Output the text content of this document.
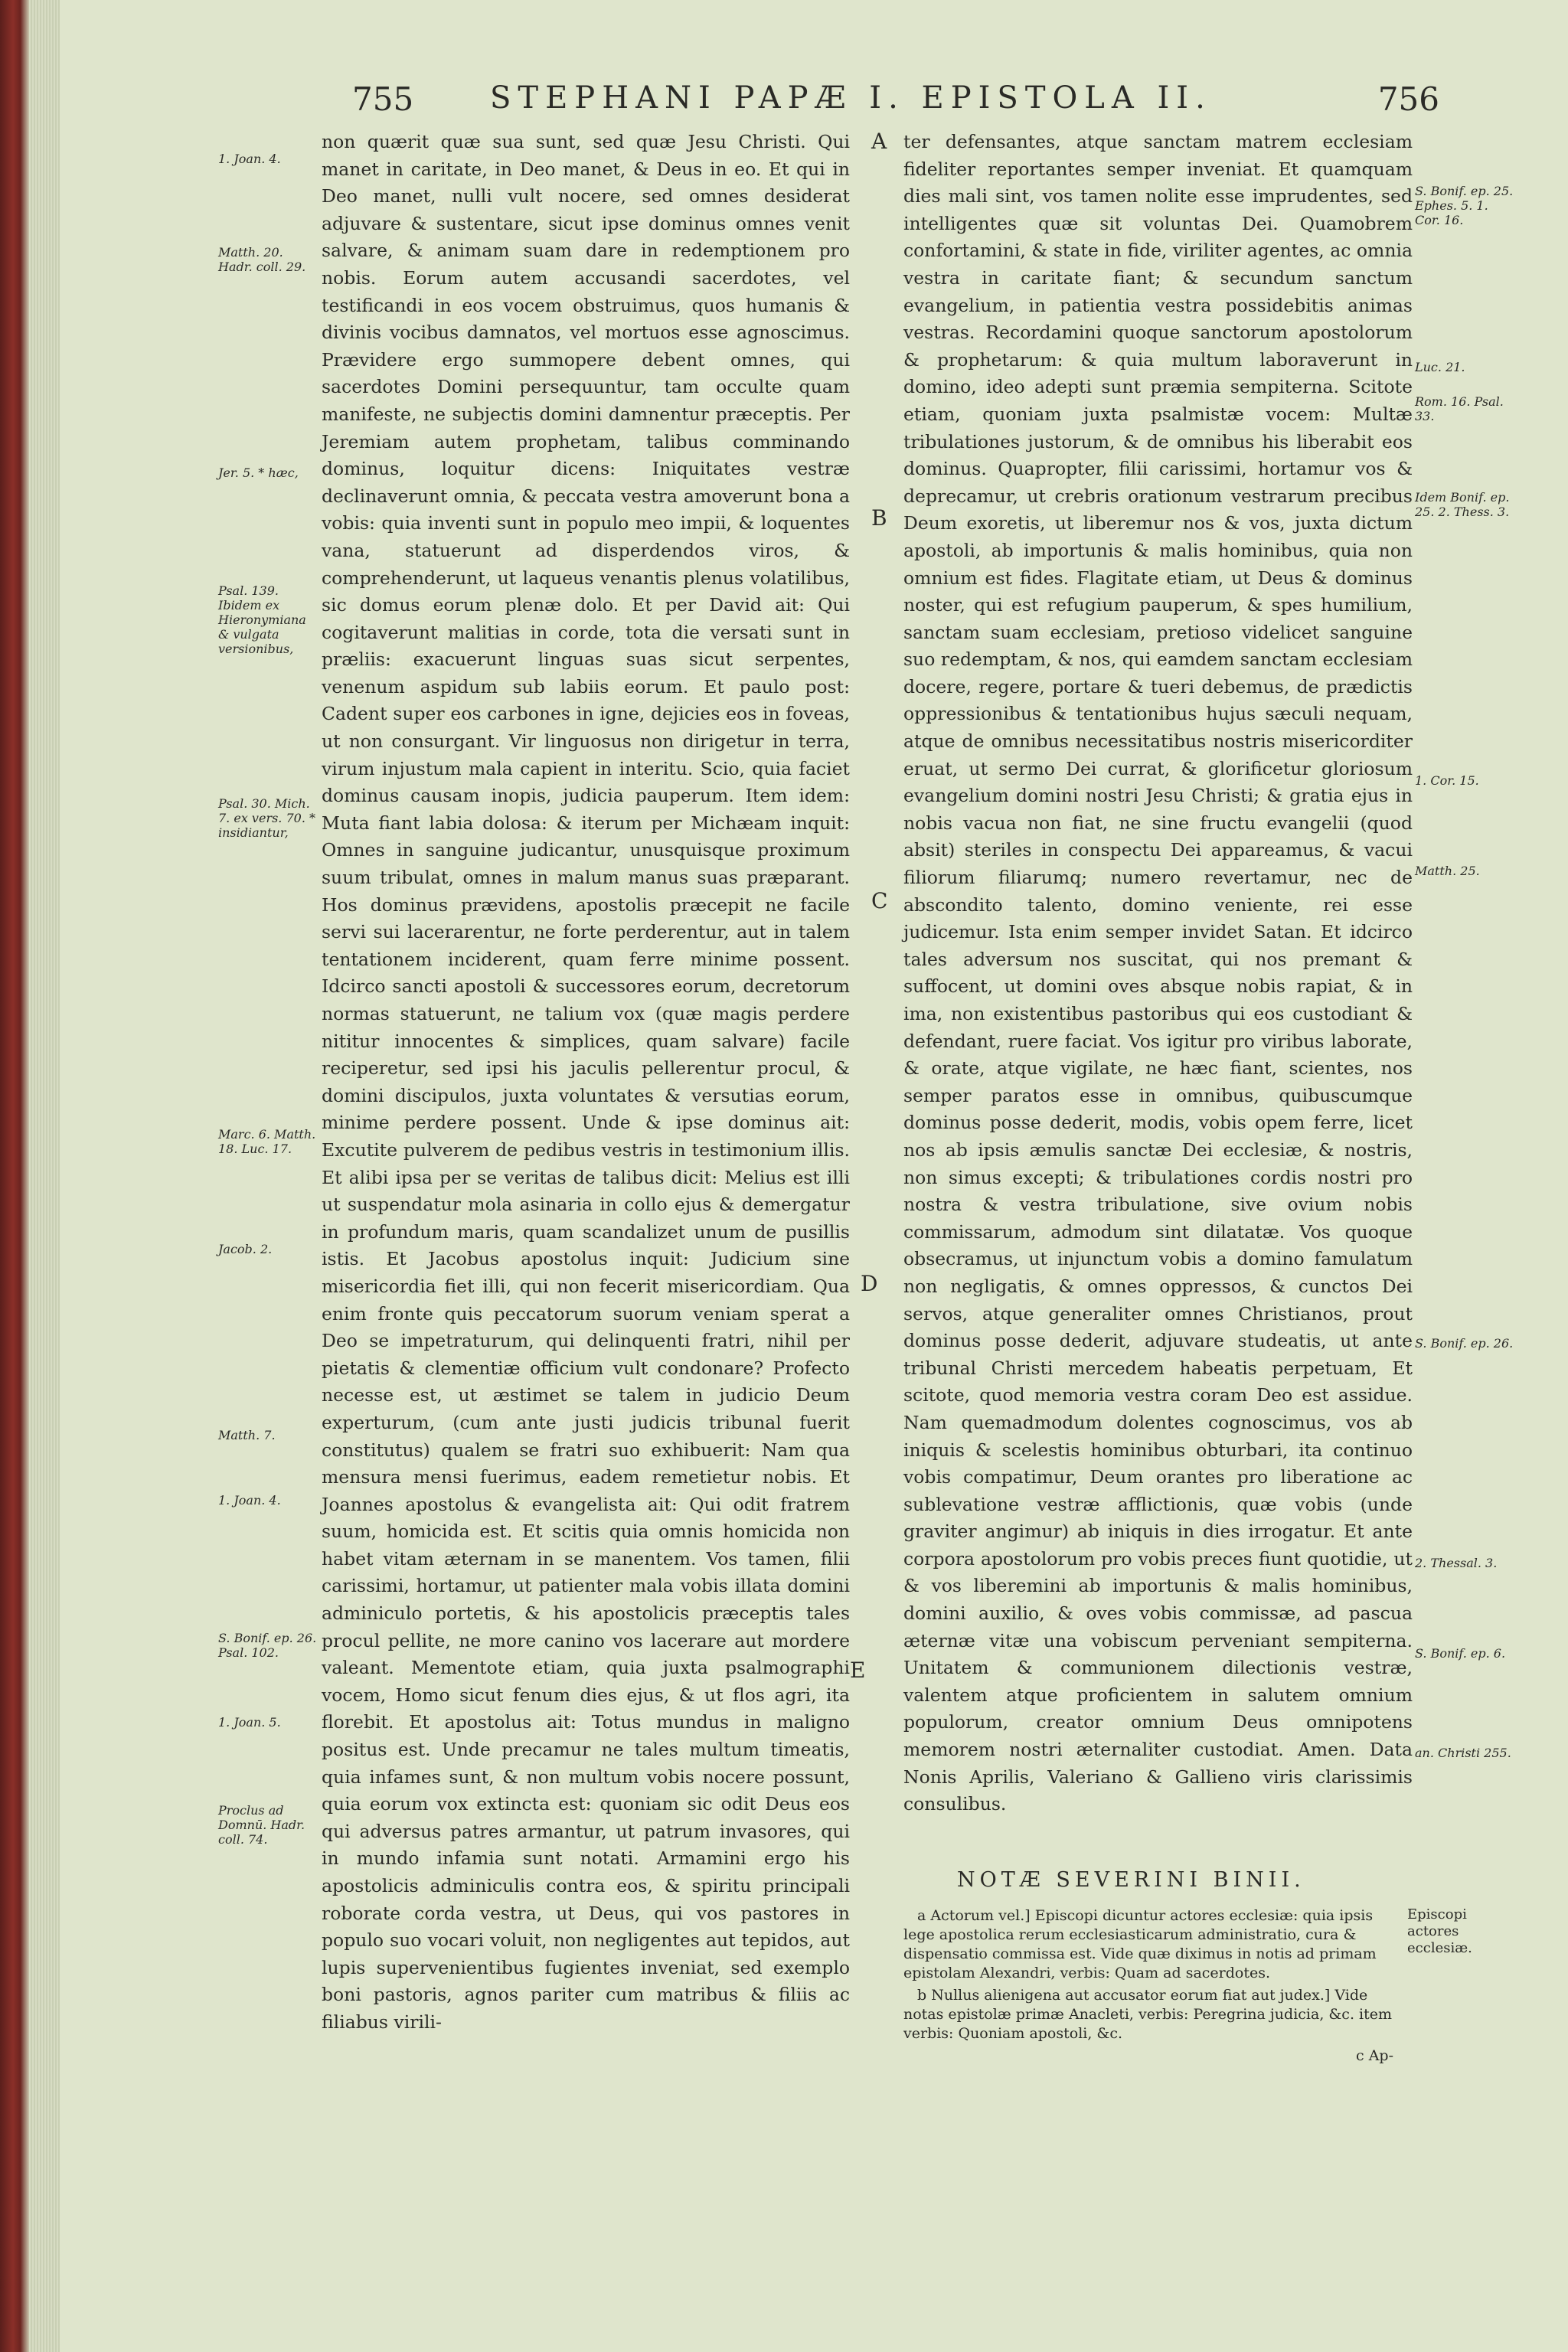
755 STEPHANI PAPÆ I. EPISTOLA II.	756

non quærit quæ sua sunt, sed quæ Jesu Christi. Qui manet in caritate, in Deo manet, & Deus in eo. Et qui in Deo manet, nulli vult nocere, sed omnes desiderat adjuvare & sustentare, sicut ipse dominus omnes venit salvare, & animam suam dare in redemptionem pro nobis. Eorum autem accusandi sacerdotes, vel testificandi in eos vocem obstruimus, quos humanis & divinis vocibus damnatos, vel mortuos esse agnoscimus. Prævidere ergo summopere debent omnes, qui sacerdotes Domini persequuntur, tam occulte quam manifeste, ne subjectis domini damnentur præceptis. Per Jeremiam autem prophetam, talibus comminando dominus, loquitur dicens: Iniquitates vestræ declinaverunt omnia, & peccata vestra amoverunt bona a vobis: quia inventi sunt in populo meo impii, & loquentes vana, statuerunt ad disperdendos viros, & comprehenderunt, ut laqueus venantis plenus volatilibus, sic domus eorum plenæ dolo. Et per David ait: Qui cogitaverunt malitias in corde, tota die versati sunt in præliis: exacuerunt linguas suas sicut serpentes, venenum aspidum sub labiis eorum. Et paulo post: Cadent super eos carbones in igne, dejicies eos in foveas, ut non consurgant. Vir linguosus non dirigetur in terra, virum injustum mala capient in interitu. Scio, quia faciet dominus causam inopis, judicia pauperum. Item idem: Muta fiant labia dolosa: & iterum per Michæam inquit: Omnes in sanguine judicantur, unusquisque proximum suum tribulat, omnes in malum manus suas præparant. Hos dominus prævidens, apostolis præcepit ne facile servi sui lacerarentur, ne forte perderentur, aut in talem tentationem inciderent, quam ferre minime possent. Idcirco sancti apostoli & successores eorum, decretorum normas statuerunt, ne talium vox (quæ magis perdere nititur innocentes & simplices, quam salvare) facile reciperetur, sed ipsi his jaculis pellerentur procul, & domini discipulos, juxta voluntates & versutias eorum, minime perdere possent. Unde & ipse dominus ait: Excutite pulverem de pedibus vestris in testimonium illis. Et alibi ipsa per se veritas de talibus dicit: Melius est illi ut suspendatur mola asinaria in collo ejus & demergatur in profundum maris, quam scandalizet unum de pusillis istis. Et Jacobus apostolus inquit: Judicium sine misericordia fiet illi, qui non fecerit misericordiam. Qua enim fronte quis peccatorum suorum veniam sperat a Deo se impetraturum, qui delinquenti fratri, nihil per pietatis & clementiæ officium vult condonare? Profecto necesse est, ut æstimet se talem in judicio Deum experturum, (cum ante justi judicis tribunal fuerit constitutus) qualem se fratri suo exhibuerit: Nam qua mensura mensi fuerimus, eadem remetietur nobis. Et Joannes apostolus & evangelista ait: Qui odit fratrem suum, homicida est. Et scitis quia omnis homicida non habet vitam æternam in se manentem. Vos tamen, filii carissimi, hortamur, ut patienter mala vobis illata domini adminiculo portetis, & his apostolicis præceptis tales procul pellite, ne more canino vos lacerare aut mordere valeant. Mementote etiam, quia juxta psalmographi vocem, Homo sicut fenum dies ejus, & ut flos agri, ita florebit. Et apostolus ait: Totus mundus in maligno positus est. Unde precamur ne tales multum timeatis, quia infames sunt, & non multum vobis nocere possunt, quia eorum vox extincta est: quoniam sic odit Deus eos qui adversus patres armantur, ut patrum invasores, qui in mundo infamia sunt notati. Armamini ergo his apostolicis adminiculis contra eos, & spiritu principali roborate corda vestra, ut Deus, qui vos pastores in populo suo vocari voluit, non negligentes aut tepidos, aut lupis supervenientibus fugientes inveniat, sed exemplo boni pastoris, agnos pariter cum matribus & filiis ac filiabus virili-

ter defensantes, atque sanctam matrem ecclesiam fideliter reportantes semper inveniat. Et quamquam dies mali sint, vos tamen nolite esse imprudentes, sed intelligentes quæ sit voluntas Dei. Quamobrem confortamini, & state in fide, viriliter agentes, ac omnia vestra in caritate fiant; & secundum sanctum evangelium, in patientia vestra possidebitis animas vestras. Recordamini quoque sanctorum apostolorum & prophetarum: & quia multum laboraverunt in domino, ideo adepti sunt præmia sempiterna. Scitote etiam, quoniam juxta psalmistæ vocem: Multæ tribulationes justorum, & de omnibus his liberabit eos dominus. Quapropter, filii carissimi, hortamur vos & deprecamur, ut crebris orationum vestrarum precibus Deum exoretis, ut liberemur nos & vos, juxta dictum apostoli, ab importunis & malis hominibus, quia non omnium est fides. Flagitate etiam, ut Deus & dominus noster, qui est refugium pauperum, & spes humilium, sanctam suam ecclesiam, pretioso videlicet sanguine suo redemptam, & nos, qui eamdem sanctam ecclesiam docere, regere, portare & tueri debemus, de prædictis oppressionibus & tentationibus hujus sæculi nequam, atque de omnibus necessitatibus nostris misericorditer eruat, ut sermo Dei currat, & glorificetur gloriosum evangelium domini nostri Jesu Christi; & gratia ejus in nobis vacua non fiat, ne sine fructu evangelii (quod absit) steriles in conspectu Dei appareamus, & vacui filiorum filiarumq; numero revertamur, nec de abscondito talento, domino veniente, rei esse judicemur. Ista enim semper invidet Satan. Et idcirco tales adversum nos suscitat, qui nos premant & suffocent, ut domini oves absque nobis rapiat, & in ima, non existentibus pastoribus qui eos custodiant & defendant, ruere faciat. Vos igitur pro viribus laborate, & orate, atque vigilate, ne hæc fiant, scientes, nos semper paratos esse in omnibus, quibuscumque dominus posse dederit, modis, vobis opem ferre, licet nos ab ipsis æmulis sanctæ Dei ecclesiæ, & nostris, non simus excepti; & tribulationes cordis nostri pro nostra & vestra tribulatione, sive ovium nobis commissarum, admodum sint dilatatæ. Vos quoque obsecramus, ut injunctum vobis a domino famulatum non negligatis, & omnes oppressos, & cunctos Dei servos, atque generaliter omnes Christianos, prout dominus posse dederit, adjuvare studeatis, ut ante tribunal Christi mercedem habeatis perpetuam, Et scitote, quod memoria vestra coram Deo est assidue. Nam quemadmodum dolentes cognoscimus, vos ab iniquis & scelestis hominibus obturbari, ita continuo vobis compatimur, Deum orantes pro liberatione ac sublevatione vestræ afflictionis, quæ vobis (unde graviter angimur) ab iniquis in dies irrogatur. Et ante corpora apostolorum pro vobis preces fiunt quotidie, ut & vos liberemini ab importunis & malis hominibus, domini auxilio, & oves vobis commissæ, ad pascua æternæ vitæ una vobiscum perveniant sempiterna. Unitatem & communionem dilectionis vestræ, valentem atque proficientem in salutem omnium populorum, creator omnium Deus omnipotens memorem nostri æternaliter custodiat. Amen. Data Nonis Aprilis, Valeriano & Gallieno viris clarissimis consulibus.

A
B
C
D
E
1. Joan. 4.
Matth. 20. Hadr. coll. 29.
Jer. 5. * hæc,
Psal. 139. Ibidem ex Hieronymiana & vulgata versionibus,
Psal. 30. Mich. 7. ex vers. 70. * insidiantur,
Marc. 6. Matth. 18. Luc. 17.
Jacob. 2.
Matth. 7.
1. Joan. 4.
S. Bonif. ep. 26. Psal. 102.
1. Joan. 5.
Proclus ad Domnū. Hadr. coll. 74.
S. Bonif. ep. 25. Ephes. 5. 1. Cor. 16.
Luc. 21.
Rom. 16. Psal. 33.
Idem Bonif. ep. 25. 2. Thess. 3.
1. Cor. 15.
Matth. 25.
S. Bonif. ep. 26.
2. Thessal. 3.
S. Bonif. ep. 6.
an. Christi 255.
NOTÆ SEVERINI BINII.

a Actorum vel.] Episcopi dicuntur actores ecclesiæ: quia ipsis lege apostolica rerum ecclesiasticarum administratio, cura & dispensatio commissa est. Vide quæ diximus in notis ad primam epistolam Alexandri, verbis: Quam ad sacerdotes.

b Nullus alienigena aut accusator eorum fiat aut judex.] Vide notas epistolæ primæ Anacleti, verbis: Peregrina judicia, &c. item verbis: Quoniam apostoli, &c.

c Ap-

Episcopi actores ecclesiæ.
